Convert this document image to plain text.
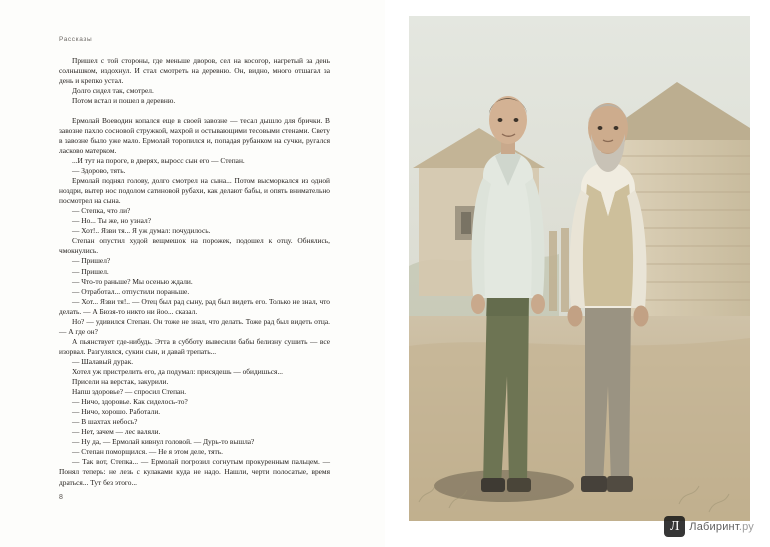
Рассказы

Пришел с той стороны, где меньше дворов, сел на косогор, нагретый за день солнышком, издохнул. И стал смотреть на деревню. Он, видно, много отшагал за день и крепко устал.

Долго сидел так, смотрел.

Потом встал и пошел в деревню.

Ермолай Воеводин копался еще в своей завозне — тесал дышло для брички. В завозне пахло сосновой стружкой, махрой и остывающими тесовыми стенами. Свету в завозне было уже мало. Ермолай торопился и, попадая рубанком на сучки, ругался ласково матерком.

...И тут на пороге, в дверях, выросс сын его — Степан.

— Здорово, тять.

Ермолай поднял голову, долго смотрел на сына... Потом высморкался из одной ноздри, вытер нос подолом сатиновой рубахи, как делают бабы, и опять внимательно посмотрел на сына.

— Степка, что ли?

— Но... Ты же, но узнал?

— Хот!.. Язви тя... Я уж думал: почудилось.

Степан опустил худой вещмешок на порожек, подошел к отцу. Обнялись, чмокнулись.

— Пришел?

— Пришел.

— Что-то раньше? Мы осенью ждали.

— Отработал... отпустили пораньше.

— Хот... Язви тя!.. — Отец был рад сыну, рад был видеть его. Только не знал, что делать. — А Бюзя-то никто ни йоо... сказал.

Но? — удивился Степан. Он тоже не знал, что делать. Тоже рад был видеть отца. — А где он?

А пьянствует где-нибудь. Этта в субботу вывесили бабы белизну сушить — все изорвал. Разгулялся, сукин сын, и давай трепать...

— Шалавый дурак.

Хотел уж пристрелить его, да подумал: присядешь — обидишься...

Присели на верстак, закурили.

Напш здоровье? — спросил Степан.

— Ничо, здоровье. Как сиделось-то?

— Ничо, хорошо. Работали.

— В шахтах небось?

— Нет, зачем — лес валяли.

— Ну да, — Ермолай кивнул головой. — Дурь-то вышла?

— Степан поморщился. — Не я этом деле, тять.

— Так вот, Степка... — Ермолай погрозил согнутым прокуренным пальцем. — Понял теперь: не лезь с кулаками куда не надо. Нашли, черти полосатые, время драться... Тут без этого...

8
Л Лабиринт.ру
